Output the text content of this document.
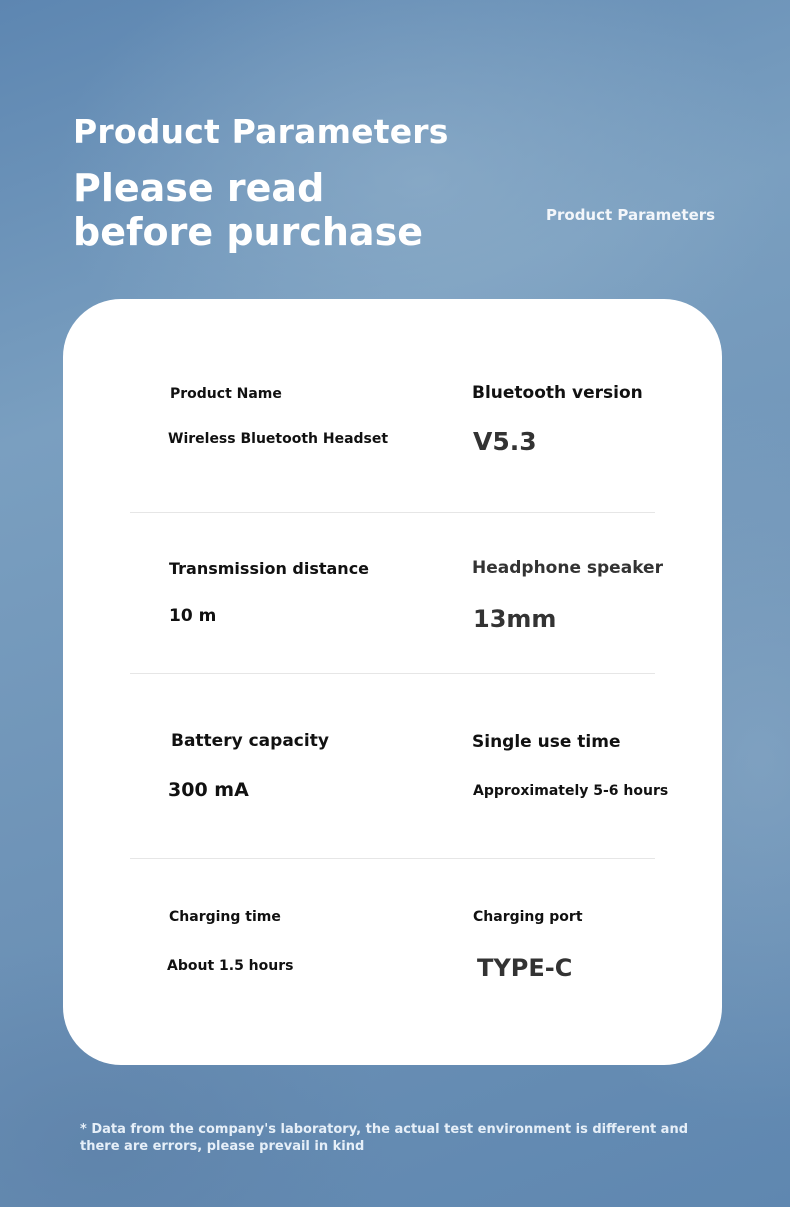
Product Parameters
Please read before purchase	Product Parameters
Product Name
Wireless Bluetooth Headset
Bluetooth version
V5.3
Transmission distance
10 m
Headphone speaker
13mm
Battery capacity
300 mA
Single use time
Approximately 5-6 hours
Charging time
About 1.5 hours
Charging port
TYPE-C

* Data from the company's laboratory, the actual test environment is different and there are errors, please prevail in kind
